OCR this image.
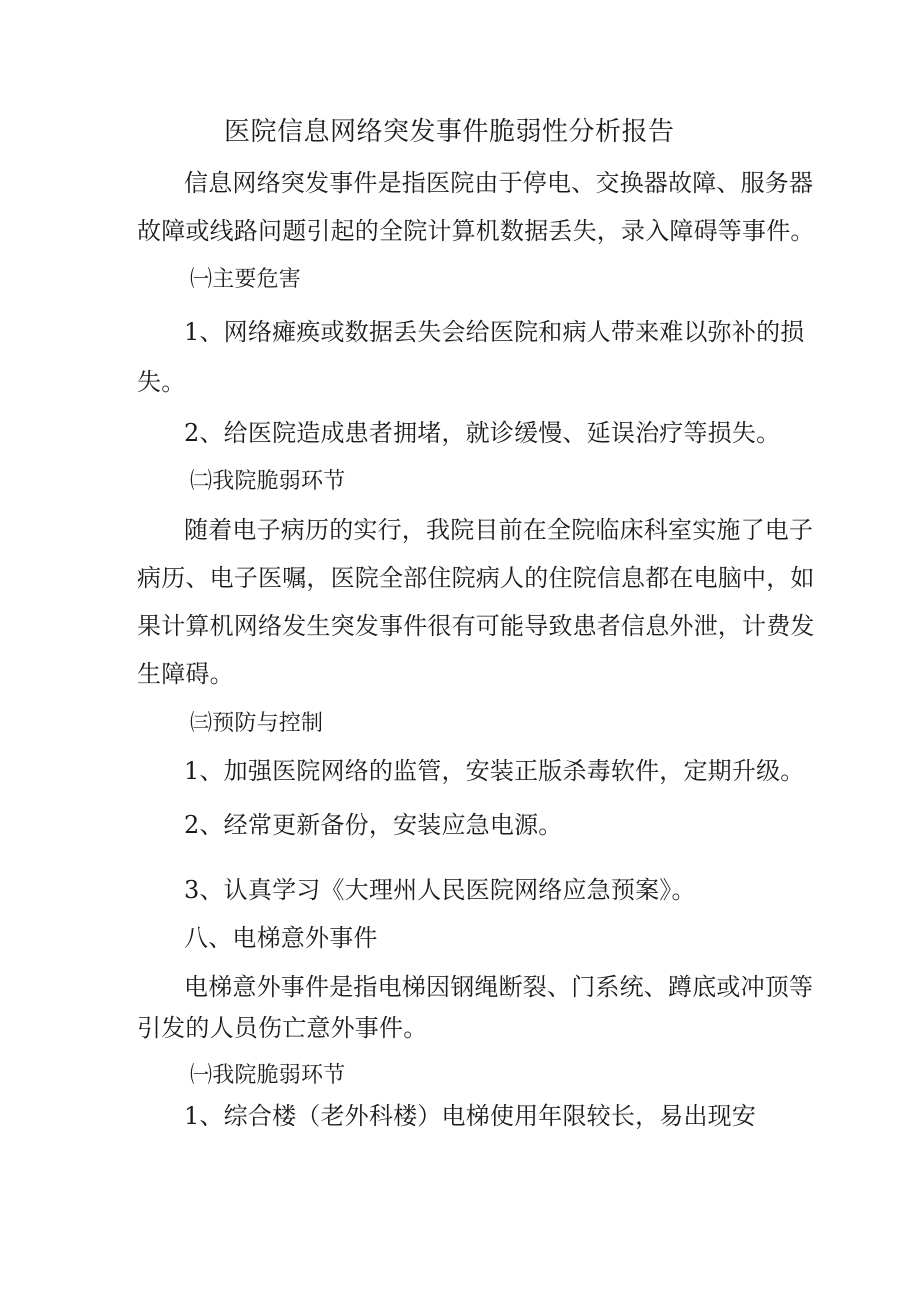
医院信息网络突发事件脆弱性分析报告
信息网络突发事件是指医院由于停电、交换器故障、服务器
故障或线路问题引起的全院计算机数据丢失，录入障碍等事件。
㈠主要危害
1、网络瘫痪或数据丢失会给医院和病人带来难以弥补的损
失。
2、给医院造成患者拥堵，就诊缓慢、延误治疗等损失。
㈡我院脆弱环节
随着电子病历的实行，我院目前在全院临床科室实施了电子
病历、电子医嘱，医院全部住院病人的住院信息都在电脑中，如
果计算机网络发生突发事件很有可能导致患者信息外泄，计费发
生障碍。
㈢预防与控制
1、加强医院网络的监管，安装正版杀毒软件，定期升级。
2、经常更新备份，安装应急电源。
3、认真学习《大理州人民医院网络应急预案》。
八、电梯意外事件
电梯意外事件是指电梯因钢绳断裂、门系统、蹲底或冲顶等
引发的人员伤亡意外事件。
㈠我院脆弱环节
1、综合楼（老外科楼）电梯使用年限较长，易出现安
